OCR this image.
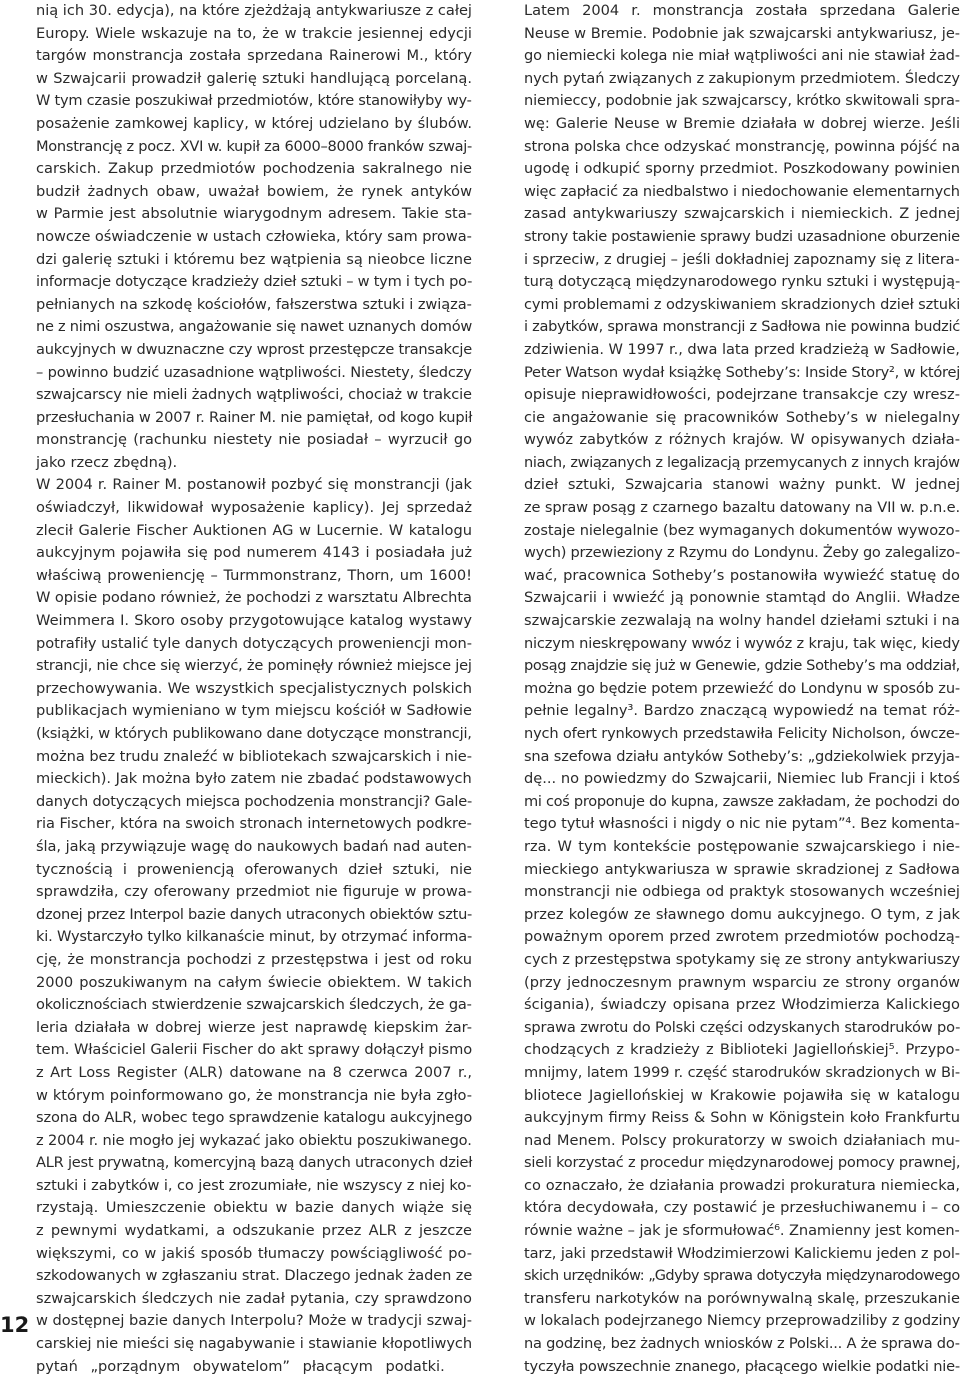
nią ich 30. edycja), na które zjeżdżają antykwariusze z całej
Europy. Wiele wskazuje na to, że w trakcie jesiennej edycji
targów monstrancja została sprzedana Rainerowi M., który
w Szwajcarii prowadził galerię sztuki handlującą porcelaną.
W tym czasie poszukiwał przedmiotów, które stanowiłyby wy-
posażenie zamkowej kaplicy, w której udzielano by ślubów.
Monstrancję z pocz. XVI w. kupił za 6000–8000 franków szwaj-
carskich. Zakup przedmiotów pochodzenia sakralnego nie
budził żadnych obaw, uważał bowiem, że rynek antyków
w Parmie jest absolutnie wiarygodnym adresem. Takie sta-
nowcze oświadczenie w ustach człowieka, który sam prowa-
dzi galerię sztuki i któremu bez wątpienia są nieobce liczne
informacje dotyczące kradzieży dzieł sztuki – w tym i tych po-
pełnianych na szkodę kościołów, fałszerstwa sztuki i związa-
ne z nimi oszustwa, angażowanie się nawet uznanych domów
aukcyjnych w dwuznaczne czy wprost przestępcze transakcje
– powinno budzić uzasadnione wątpliwości. Niestety, śledczy
szwajcarscy nie mieli żadnych wątpliwości, chociaż w trakcie
przesłuchania w 2007 r. Rainer M. nie pamiętał, od kogo kupił
monstrancję (rachunku niestety nie posiadał – wyrzucił go
jako rzecz zbędną).
W 2004 r. Rainer M. postanowił pozbyć się monstrancji (jak
oświadczył, likwidował wyposażenie kaplicy). Jej sprzedaż
zlecił Galerie Fischer Auktionen AG w Lucernie. W katalogu
aukcyjnym pojawiła się pod numerem 4143 i posiadała już
właściwą proweniencję – Turmmonstranz, Thorn, um 1600!
W opisie podano również, że pochodzi z warsztatu Albrechta
Weimmera I. Skoro osoby przygotowujące katalog wystawy
potrafiły ustalić tyle danych dotyczących proweniencji mon-
strancji, nie chce się wierzyć, że pominęły również miejsce jej
przechowywania. We wszystkich specjalistycznych polskich
publikacjach wymieniano w tym miejscu kościół w Sadłowie
(książki, w których publikowano dane dotyczące monstrancji,
można bez trudu znaleźć w bibliotekach szwajcarskich i nie-
mieckich). Jak można było zatem nie zbadać podstawowych
danych dotyczących miejsca pochodzenia monstrancji? Gale-
ria Fischer, która na swoich stronach internetowych podkre-
śla, jaką przywiązuje wagę do naukowych badań nad auten-
tycznością i proweniencją oferowanych dzieł sztuki, nie
sprawdziła, czy oferowany przedmiot nie figuruje w prowa-
dzonej przez Interpol bazie danych utraconych obiektów sztu-
ki. Wystarczyło tylko kilkanaście minut, by otrzymać informa-
cję, że monstrancja pochodzi z przestępstwa i jest od roku
2000 poszukiwanym na całym świecie obiektem. W takich
okolicznościach stwierdzenie szwajcarskich śledczych, że ga-
leria działała w dobrej wierze jest naprawdę kiepskim żar-
tem. Właściciel Galerii Fischer do akt sprawy dołączył pismo
z Art Loss Register (ALR) datowane na 8 czerwca 2007 r.,
w którym poinformowano go, że monstrancja nie była zgło-
szona do ALR, wobec tego sprawdzenie katalogu aukcyjnego
z 2004 r. nie mogło jej wykazać jako obiektu poszukiwanego.
ALR jest prywatną, komercyjną bazą danych utraconych dzieł
sztuki i zabytków i, co jest zrozumiałe, nie wszyscy z niej ko-
rzystają. Umieszczenie obiektu w bazie danych wiąże się
z pewnymi wydatkami, a odszukanie przez ALR z jeszcze
większymi, co w jakiś sposób tłumaczy powściągliwość po-
szkodowanych w zgłaszaniu strat. Dlaczego jednak żaden ze
szwajcarskich śledczych nie zadał pytania, czy sprawdzono
w dostępnej bazie danych Interpolu? Może w tradycji szwaj-
carskiej nie mieści się nagabywanie i stawianie kłopotliwych
pytań „porządnym obywatelom” płacącym podatki.
Latem 2004 r. monstrancja została sprzedana Galerie
Neuse w Bremie. Podobnie jak szwajcarski antykwariusz, je-
go niemiecki kolega nie miał wątpliwości ani nie stawiał żad-
nych pytań związanych z zakupionym przedmiotem. Śledczy
niemieccy, podobnie jak szwajcarscy, krótko skwitowali spra-
wę: Galerie Neuse w Bremie działała w dobrej wierze. Jeśli
strona polska chce odzyskać monstrancję, powinna pójść na
ugodę i odkupić sporny przedmiot. Poszkodowany powinien
więc zapłacić za niedbalstwo i niedochowanie elementarnych
zasad antykwariuszy szwajcarskich i niemieckich. Z jednej
strony takie postawienie sprawy budzi uzasadnione oburzenie
i sprzeciw, z drugiej – jeśli dokładniej zapoznamy się z litera-
turą dotyczącą międzynarodowego rynku sztuki i występują-
cymi problemami z odzyskiwaniem skradzionych dzieł sztuki
i zabytków, sprawa monstrancji z Sadłowa nie powinna budzić
zdziwienia. W 1997 r., dwa lata przed kradzieżą w Sadłowie,
Peter Watson wydał książkę Sotheby’s: Inside Story², w której
opisuje nieprawidłowości, podejrzane transakcje czy wresz-
cie angażowanie się pracowników Sotheby’s w nielegalny
wywóz zabytków z różnych krajów. W opisywanych działa-
niach, związanych z legalizacją przemycanych z innych krajów
dzieł sztuki, Szwajcaria stanowi ważny punkt. W jednej
ze spraw posąg z czarnego bazaltu datowany na VII w. p.n.e.
zostaje nielegalnie (bez wymaganych dokumentów wywozo-
wych) przewieziony z Rzymu do Londynu. Żeby go zalegalizo-
wać, pracownica Sotheby’s postanowiła wywieźć statuę do
Szwajcarii i wwieźć ją ponownie stamtąd do Anglii. Władze
szwajcarskie zezwalają na wolny handel dziełami sztuki i na
niczym nieskrępowany wwóz i wywóz z kraju, tak więc, kiedy
posąg znajdzie się już w Genewie, gdzie Sotheby’s ma oddział,
można go będzie potem przewieźć do Londynu w sposób zu-
pełnie legalny³. Bardzo znaczącą wypowiedź na temat róż-
nych ofert rynkowych przedstawiła Felicity Nicholson, ówcze-
sna szefowa działu antyków Sotheby’s: „gdziekolwiek przyja-
dę... no powiedzmy do Szwajcarii, Niemiec lub Francji i ktoś
mi coś proponuje do kupna, zawsze zakładam, że pochodzi do
tego tytuł własności i nigdy o nic nie pytam”⁴. Bez komenta-
rza. W tym kontekście postępowanie szwajcarskiego i nie-
mieckiego antykwariusza w sprawie skradzionej z Sadłowa
monstrancji nie odbiega od praktyk stosowanych wcześniej
przez kolegów ze sławnego domu aukcyjnego. O tym, z jak
poważnym oporem przed zwrotem przedmiotów pochodzą-
cych z przestępstwa spotykamy się ze strony antykwariuszy
(przy jednoczesnym prawnym wsparciu ze strony organów
ścigania), świadczy opisana przez Włodzimierza Kalickiego
sprawa zwrotu do Polski części odzyskanych starodruków po-
chodzących z kradzieży z Biblioteki Jagiellońskiej⁵. Przypo-
mnijmy, latem 1999 r. część starodruków skradzionych w Bi-
bliotece Jagiellońskiej w Krakowie pojawiła się w katalogu
aukcyjnym firmy Reiss & Sohn w Königstein koło Frankfurtu
nad Menem. Polscy prokuratorzy w swoich działaniach mu-
sieli korzystać z procedur międzynarodowej pomocy prawnej,
co oznaczało, że działania prowadzi prokuratura niemiecka,
która decydowała, czy postawić je przesłuchiwanemu i – co
równie ważne – jak je sformułować⁶. Znamienny jest komen-
tarz, jaki przedstawił Włodzimierzowi Kalickiemu jeden z pol-
skich urzędników: „Gdyby sprawa dotyczyła międzynarodowego
transferu narkotyków na porównywalną skalę, przeszukanie
w lokalach podejrzanego Niemcy przeprowadziliby z godziny
na godzinę, bez żadnych wniosków z Polski... A że sprawa do-
tyczyła powszechnie znanego, płacącego wielkie podatki nie-
12
